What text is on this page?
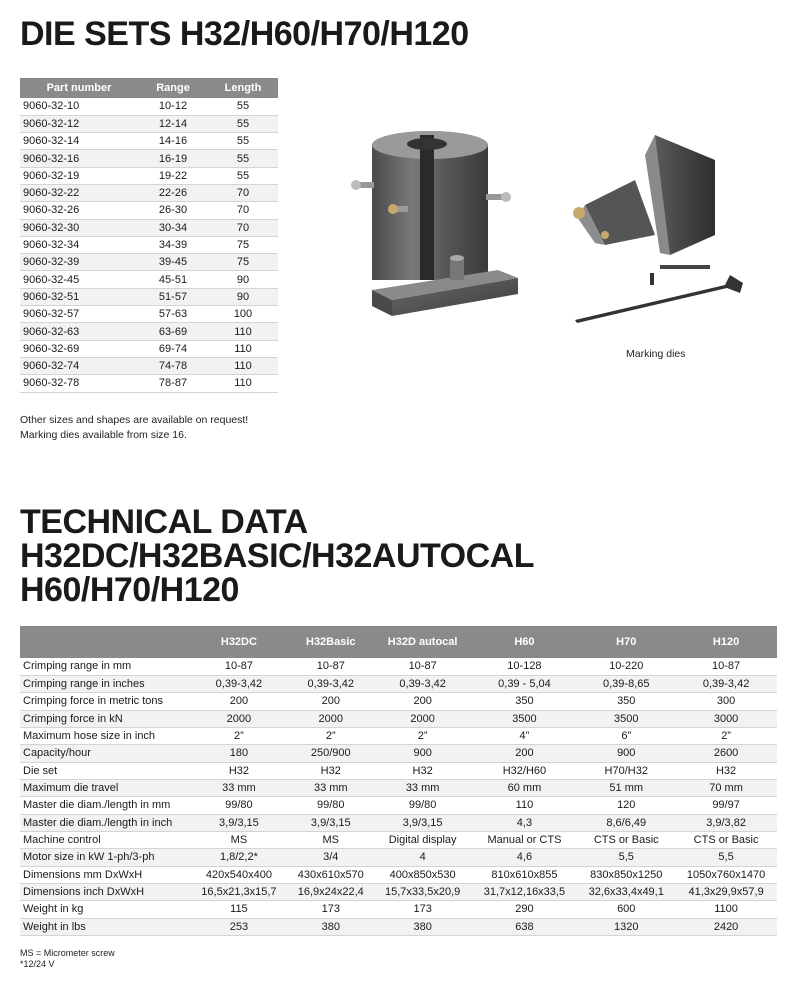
DIE SETS H32/H60/H70/H120
Part number	Range	Length
9060-32-10	10-12	55
9060-32-12	12-14	55
9060-32-14	14-16	55
9060-32-16	16-19	55
9060-32-19	19-22	55
9060-32-22	22-26	70
9060-32-26	26-30	70
9060-32-30	30-34	70
9060-32-34	34-39	75
9060-32-39	39-45	75
9060-32-45	45-51	90
9060-32-51	51-57	90
9060-32-57	57-63	100
9060-32-63	63-69	110
9060-32-69	69-74	110
9060-32-74	74-78	110
9060-32-78	78-87	110
Other sizes and shapes are available on request!
Marking dies available from size 16.
Marking dies
TECHNICAL DATA
H32DC/H32BASIC/H32AUTOCAL
H60/H70/H120
	H32DC	H32Basic	H32D autocal	H60	H70	H120
Crimping range in mm	10-87	10-87	10-87	10-128	10-220	10-87
Crimping range in inches	0,39-3,42	0,39-3,42	0,39-3,42	0,39 - 5,04	0,39-8,65	0,39-3,42
Crimping force in metric tons	200	200	200	350	350	300
Crimping force in kN	2000	2000	2000	3500	3500	3000
Maximum hose size in inch	2”	2”	2”	4”	6”	2”
Capacity/hour	180	250/900	900	200	900	2600
Die set	H32	H32	H32	H32/H60	H70/H32	H32
Maximum die travel	33 mm	33 mm	33 mm	60 mm	51 mm	70 mm
Master die diam./length in mm	99/80	99/80	99/80	110	120	99/97
Master die diam./length in inch	3,9/3,15	3,9/3,15	3,9/3,15	4,3	8,6/6,49	3,9/3,82
Machine control	MS	MS	Digital display	Manual or CTS	CTS or Basic	CTS or Basic
Motor size in kW 1-ph/3-ph	1,8/2,2*	3/4	4	4,6	5,5	5,5
Dimensions mm DxWxH	420x540x400	430x610x570	400x850x530	810x610x855	830x850x1250	1050x760x1470
Dimensions inch DxWxH	16,5x21,3x15,7	16,9x24x22,4	15,7x33,5x20,9	31,7x12,16x33,5	32,6x33,4x49,1	41,3x29,9x57,9
Weight in kg	115	173	173	290	600	1100
Weight in lbs	253	380	380	638	1320	2420
MS = Micrometer screw
*12/24 V
